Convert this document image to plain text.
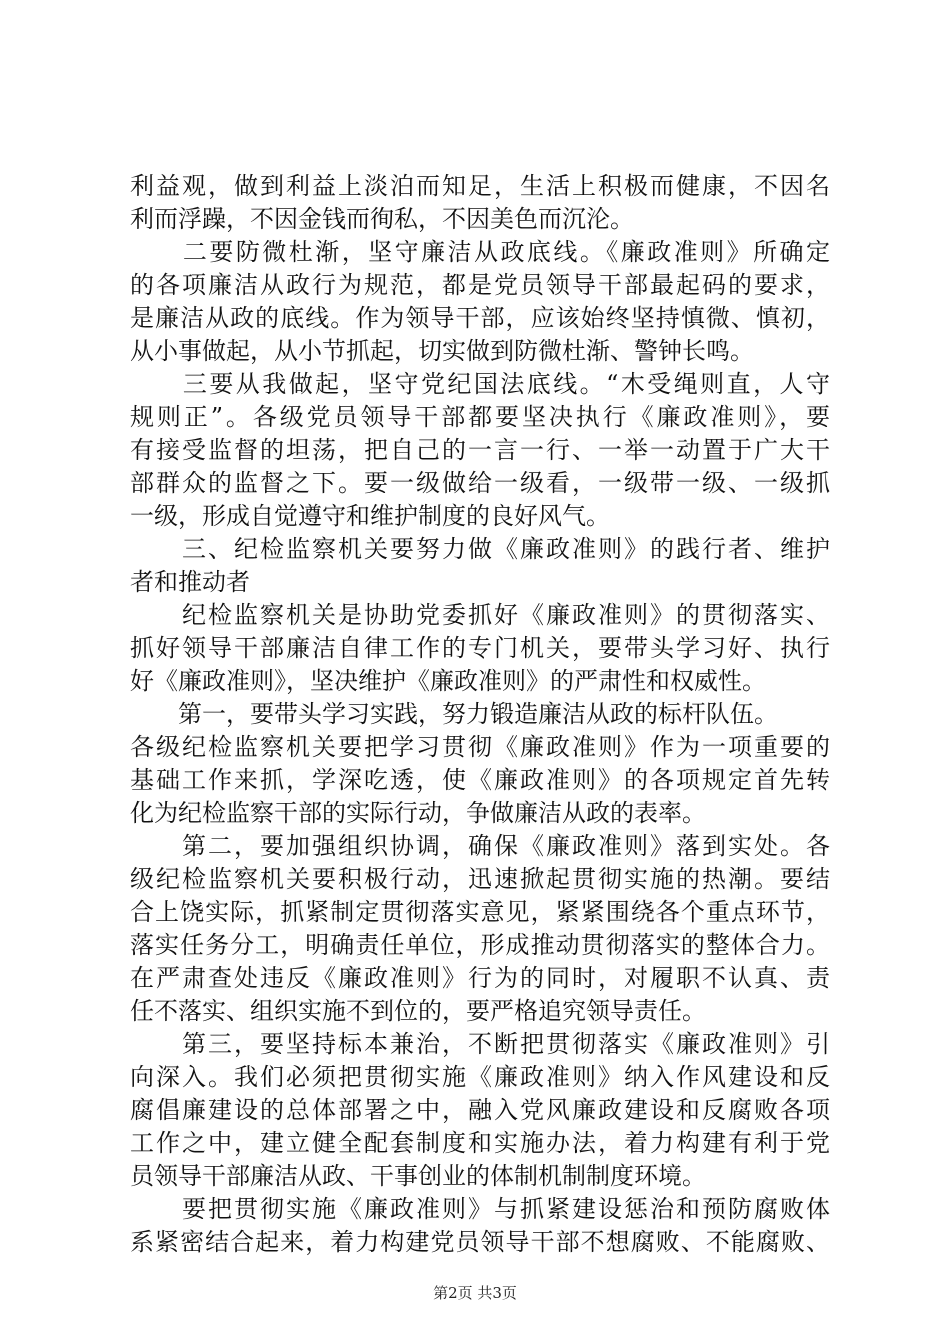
利益观，做到利益上淡泊而知足，生活上积极而健康，不因名
利而浮躁，不因金钱而徇私，不因美色而沉沦。
　　二要防微杜渐，坚守廉洁从政底线。《廉政准则》所确定
的各项廉洁从政行为规范，都是党员领导干部最起码的要求，
是廉洁从政的底线。作为领导干部，应该始终坚持慎微、慎初，
从小事做起，从小节抓起，切实做到防微杜渐、警钟长鸣。
　　三要从我做起，坚守党纪国法底线。“木受绳则直，人守
规则正”。各级党员领导干部都要坚决执行《廉政准则》，要
有接受监督的坦荡，把自己的一言一行、一举一动置于广大干
部群众的监督之下。要一级做给一级看，一级带一级、一级抓
一级，形成自觉遵守和维护制度的良好风气。
　　三、纪检监察机关要努力做《廉政准则》的践行者、维护
者和推动者
　　纪检监察机关是协助党委抓好《廉政准则》的贯彻落实、
抓好领导干部廉洁自律工作的专门机关，要带头学习好、执行
好《廉政准则》，坚决维护《廉政准则》的严肃性和权威性。
　　第一，要带头学习实践，努力锻造廉洁从政的标杆队伍。
各级纪检监察机关要把学习贯彻《廉政准则》作为一项重要的
基础工作来抓，学深吃透，使《廉政准则》的各项规定首先转
化为纪检监察干部的实际行动，争做廉洁从政的表率。
　　第二，要加强组织协调，确保《廉政准则》落到实处。各
级纪检监察机关要积极行动，迅速掀起贯彻实施的热潮。要结
合上饶实际，抓紧制定贯彻落实意见，紧紧围绕各个重点环节，
落实任务分工，明确责任单位，形成推动贯彻落实的整体合力。
在严肃查处违反《廉政准则》行为的同时，对履职不认真、责
任不落实、组织实施不到位的，要严格追究领导责任。
　　第三，要坚持标本兼治，不断把贯彻落实《廉政准则》引
向深入。我们必须把贯彻实施《廉政准则》纳入作风建设和反
腐倡廉建设的总体部署之中，融入党风廉政建设和反腐败各项
工作之中，建立健全配套制度和实施办法，着力构建有利于党
员领导干部廉洁从政、干事创业的体制机制制度环境。
　　要把贯彻实施《廉政准则》与抓紧建设惩治和预防腐败体
系紧密结合起来，着力构建党员领导干部不想腐败、不能腐败、
第2页 共3页
